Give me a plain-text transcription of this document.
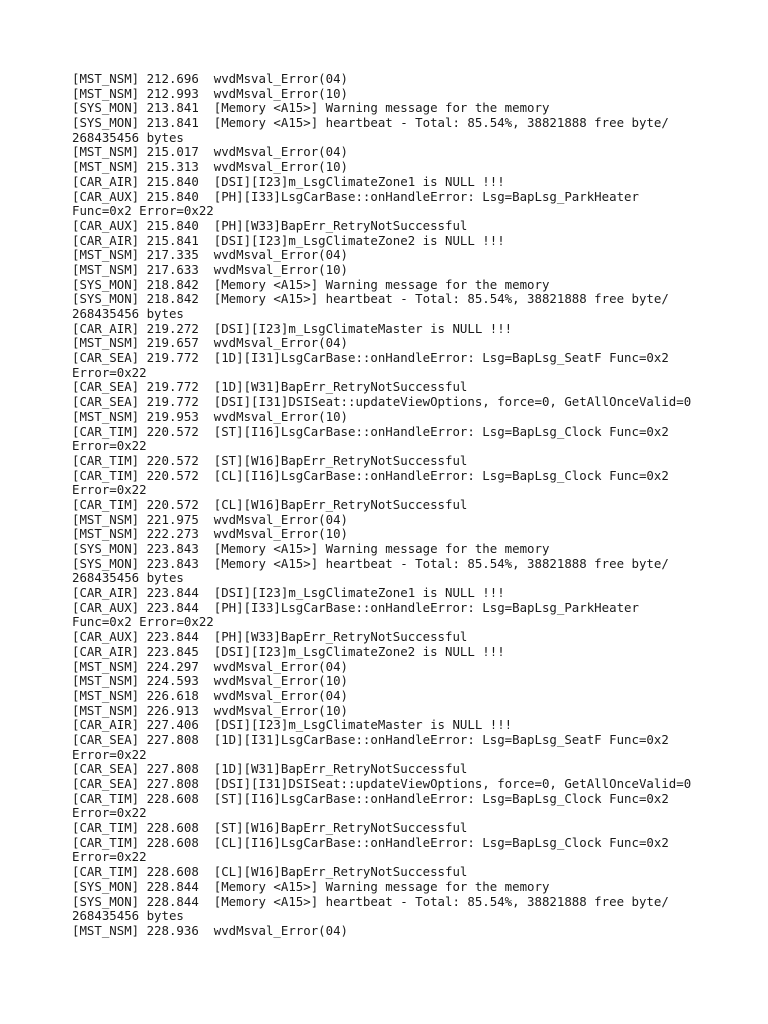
[MST_NSM] 212.696  wvdMsval_Error(04)
[MST_NSM] 212.993  wvdMsval_Error(10)
[SYS_MON] 213.841  [Memory <A15>] Warning message for the memory
[SYS_MON] 213.841  [Memory <A15>] heartbeat - Total: 85.54%, 38821888 free byte/
268435456 bytes
[MST_NSM] 215.017  wvdMsval_Error(04)
[MST_NSM] 215.313  wvdMsval_Error(10)
[CAR_AIR] 215.840  [DSI][I23]m_LsgClimateZone1 is NULL !!!
[CAR_AUX] 215.840  [PH][I33]LsgCarBase::onHandleError: Lsg=BapLsg_ParkHeater
Func=0x2 Error=0x22
[CAR_AUX] 215.840  [PH][W33]BapErr_RetryNotSuccessful
[CAR_AIR] 215.841  [DSI][I23]m_LsgClimateZone2 is NULL !!!
[MST_NSM] 217.335  wvdMsval_Error(04)
[MST_NSM] 217.633  wvdMsval_Error(10)
[SYS_MON] 218.842  [Memory <A15>] Warning message for the memory
[SYS_MON] 218.842  [Memory <A15>] heartbeat - Total: 85.54%, 38821888 free byte/
268435456 bytes
[CAR_AIR] 219.272  [DSI][I23]m_LsgClimateMaster is NULL !!!
[MST_NSM] 219.657  wvdMsval_Error(04)
[CAR_SEA] 219.772  [1D][I31]LsgCarBase::onHandleError: Lsg=BapLsg_SeatF Func=0x2
Error=0x22
[CAR_SEA] 219.772  [1D][W31]BapErr_RetryNotSuccessful
[CAR_SEA] 219.772  [DSI][I31]DSISeat::updateViewOptions, force=0, GetAllOnceValid=0
[MST_NSM] 219.953  wvdMsval_Error(10)
[CAR_TIM] 220.572  [ST][I16]LsgCarBase::onHandleError: Lsg=BapLsg_Clock Func=0x2
Error=0x22
[CAR_TIM] 220.572  [ST][W16]BapErr_RetryNotSuccessful
[CAR_TIM] 220.572  [CL][I16]LsgCarBase::onHandleError: Lsg=BapLsg_Clock Func=0x2
Error=0x22
[CAR_TIM] 220.572  [CL][W16]BapErr_RetryNotSuccessful
[MST_NSM] 221.975  wvdMsval_Error(04)
[MST_NSM] 222.273  wvdMsval_Error(10)
[SYS_MON] 223.843  [Memory <A15>] Warning message for the memory
[SYS_MON] 223.843  [Memory <A15>] heartbeat - Total: 85.54%, 38821888 free byte/
268435456 bytes
[CAR_AIR] 223.844  [DSI][I23]m_LsgClimateZone1 is NULL !!!
[CAR_AUX] 223.844  [PH][I33]LsgCarBase::onHandleError: Lsg=BapLsg_ParkHeater
Func=0x2 Error=0x22
[CAR_AUX] 223.844  [PH][W33]BapErr_RetryNotSuccessful
[CAR_AIR] 223.845  [DSI][I23]m_LsgClimateZone2 is NULL !!!
[MST_NSM] 224.297  wvdMsval_Error(04)
[MST_NSM] 224.593  wvdMsval_Error(10)
[MST_NSM] 226.618  wvdMsval_Error(04)
[MST_NSM] 226.913  wvdMsval_Error(10)
[CAR_AIR] 227.406  [DSI][I23]m_LsgClimateMaster is NULL !!!
[CAR_SEA] 227.808  [1D][I31]LsgCarBase::onHandleError: Lsg=BapLsg_SeatF Func=0x2
Error=0x22
[CAR_SEA] 227.808  [1D][W31]BapErr_RetryNotSuccessful
[CAR_SEA] 227.808  [DSI][I31]DSISeat::updateViewOptions, force=0, GetAllOnceValid=0
[CAR_TIM] 228.608  [ST][I16]LsgCarBase::onHandleError: Lsg=BapLsg_Clock Func=0x2
Error=0x22
[CAR_TIM] 228.608  [ST][W16]BapErr_RetryNotSuccessful
[CAR_TIM] 228.608  [CL][I16]LsgCarBase::onHandleError: Lsg=BapLsg_Clock Func=0x2
Error=0x22
[CAR_TIM] 228.608  [CL][W16]BapErr_RetryNotSuccessful
[SYS_MON] 228.844  [Memory <A15>] Warning message for the memory
[SYS_MON] 228.844  [Memory <A15>] heartbeat - Total: 85.54%, 38821888 free byte/
268435456 bytes
[MST_NSM] 228.936  wvdMsval_Error(04)
